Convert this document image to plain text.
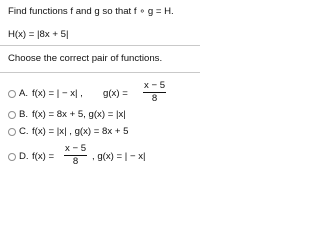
Find functions f and g so that f ∘ g = H.
H(x) = |8x + 5|
Choose the correct pair of functions.
A. f(x) = | − x| , $g(x) = \frac{x - 5}{8}$
B. f(x) = 8x + 5, g(x) = |x|
C. f(x) = |x| , g(x) = 8x + 5
D. $f(x) = \frac{x - 5}{8}$ , g(x) = | − x|
